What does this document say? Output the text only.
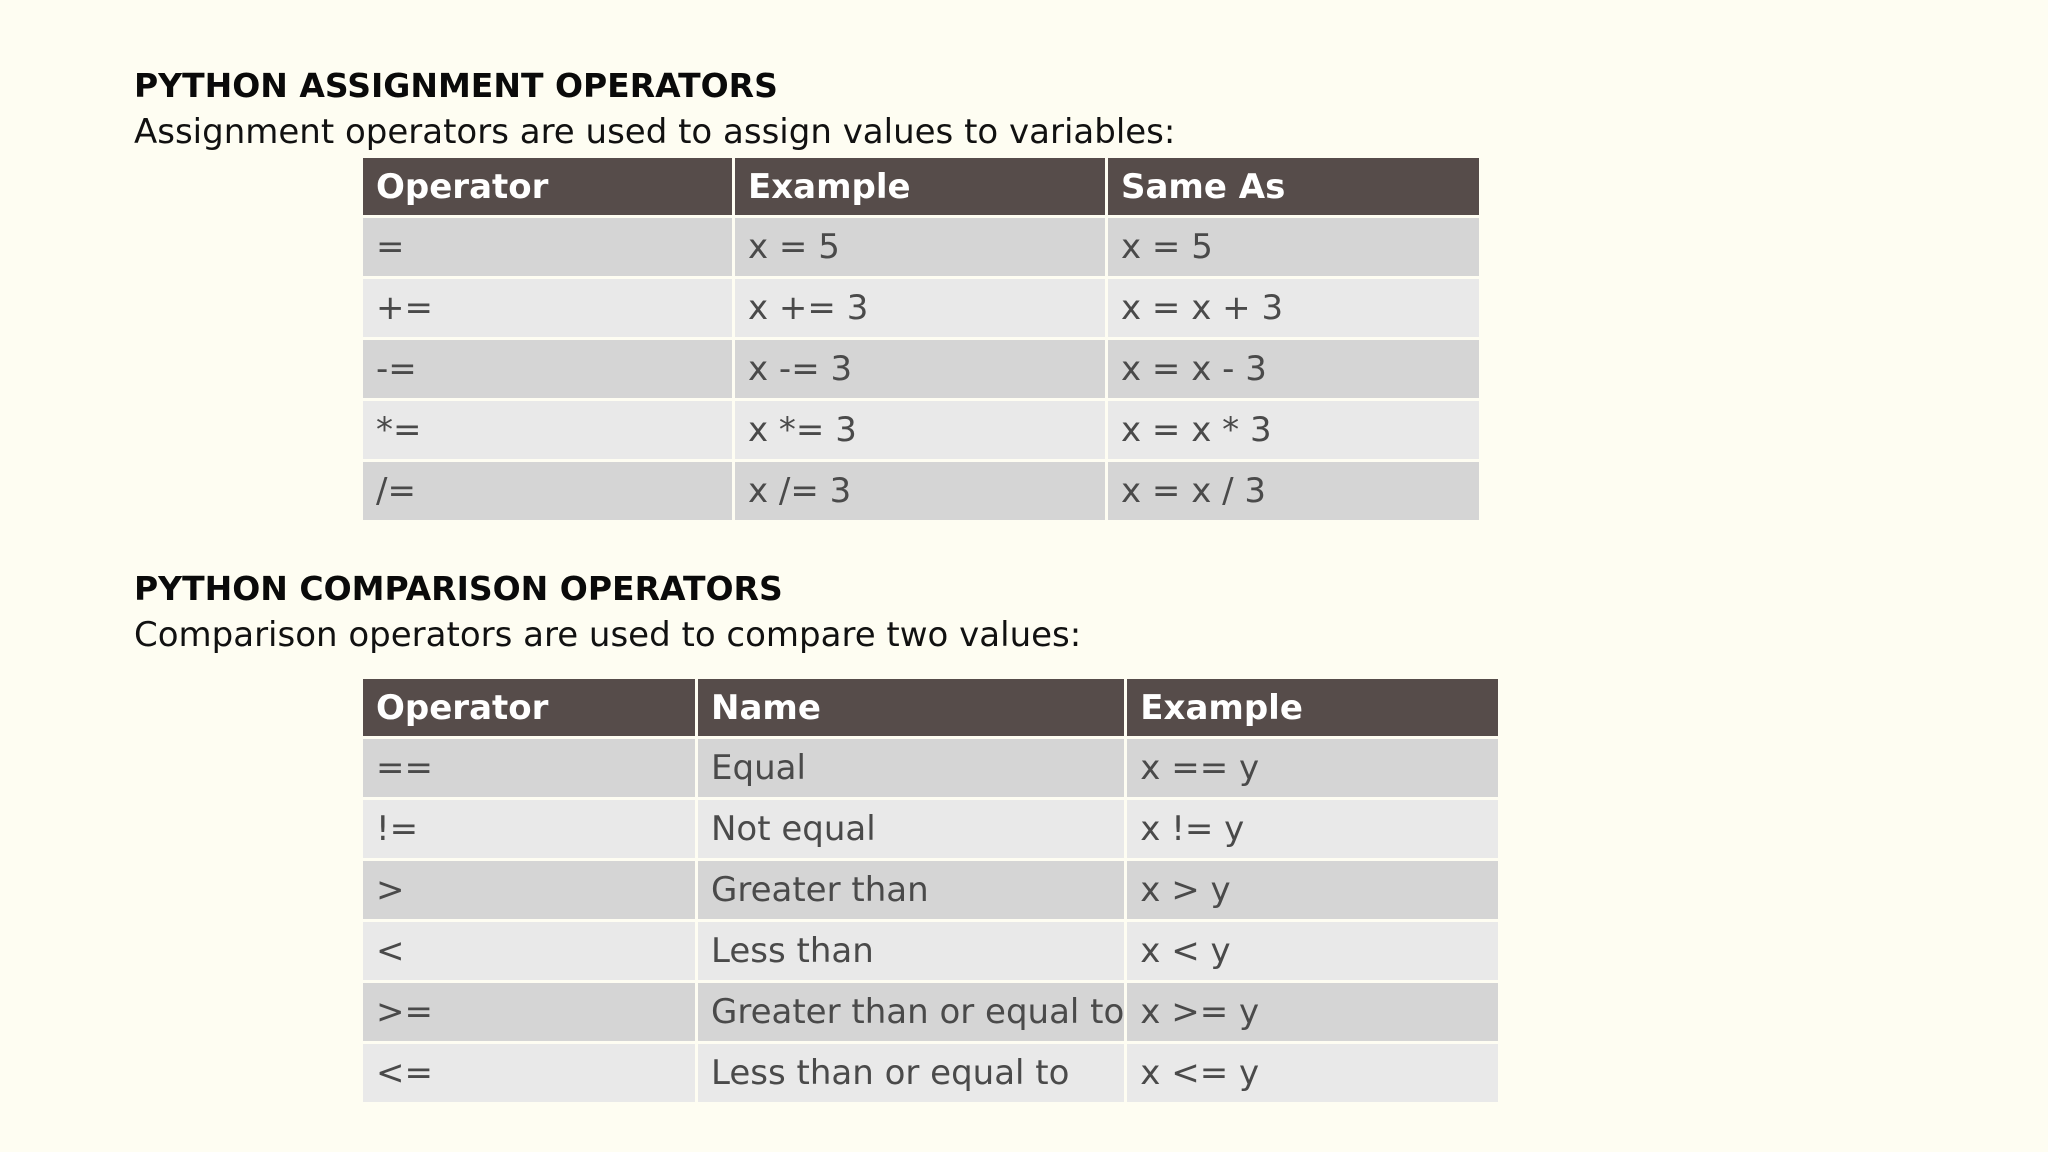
PYTHON ASSIGNMENT OPERATORS

Assignment operators are used to assign values to variables:

Operator	Example	Same As
=	x = 5	x = 5
+=	x += 3	x = x + 3
-=	x -= 3	x = x - 3
*=	x *= 3	x = x * 3
/=	x /= 3	x = x / 3
PYTHON COMPARISON OPERATORS

Comparison operators are used to compare two values:

Operator	Name	Example
==	Equal	x == y
!=	Not equal	x != y
>	Greater than	x > y
<	Less than	x < y
>=	Greater than or equal to	x >= y
<=	Less than or equal to	x <= y
